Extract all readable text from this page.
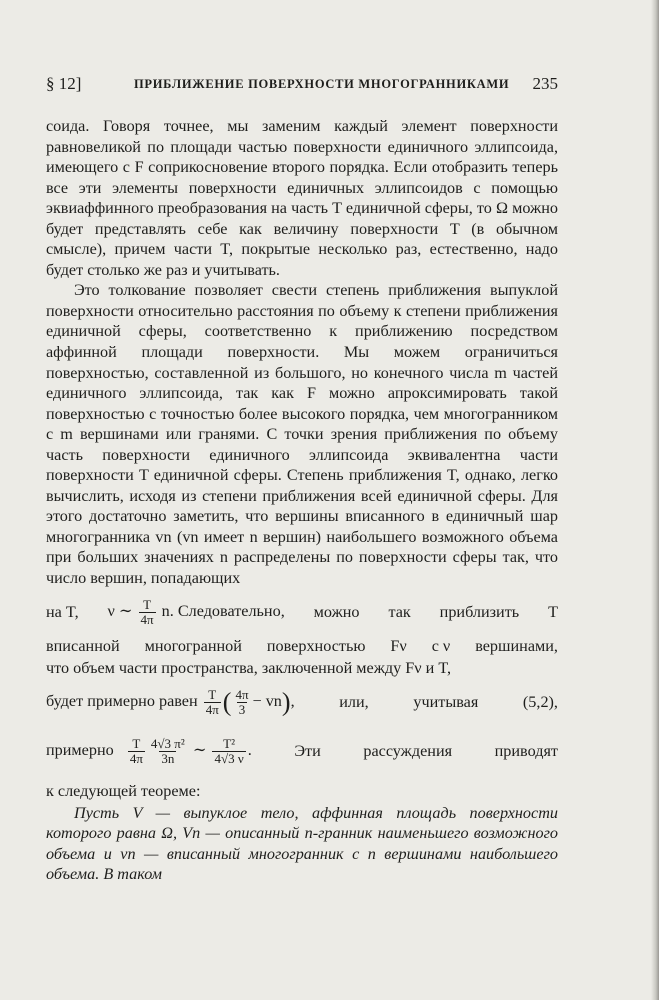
§ 12]	ПРИБЛИЖЕНИЕ ПОВЕРХНОСТИ МНОГОГРАННИКАМИ 235

соида. Говоря точнее, мы заменим каждый элемент поверхности равновеликой по площади частью поверхности единичного эллипсоида, имеющего с F соприкосновение второго порядка. Если отобразить теперь все эти элементы поверхности единичных эллипсоидов с помощью эквиаффинного преобразования на часть T единичной сферы, то Ω можно будет представлять себе как величину поверхности T (в обычном смысле), причем части T, покрытые несколько раз, естественно, надо будет столько же раз и учитывать.

Это толкование позволяет свести степень приближения выпуклой поверхности относительно расстояния по объему к степени приближения единичной сферы, соответственно к приближению посредством аффинной площади поверхности. Мы можем ограничиться поверхностью, составленной из большого, но конечного числа m частей единичного эллипсоида, так как F можно апроксимировать такой поверхностью с точностью более высокого порядка, чем многогранником с m вершинами или гранями. С точки зрения приближения по объему часть поверхности единичного эллипсоида эквивалентна части поверхности T единичной сферы. Степень приближения T, однако, легко вычислить, исходя из степени приближения всей единичной сферы. Для этого достаточно заметить, что вершины вписанного в единичный шар многогранника vn (vn имеет n вершин) наибольшего возможного объема при больших значениях n распределены по поверхности сферы так, что число вершин, попадающих

на T, ν ∼ $\frac{T}{4\pi} n$. Следовательно, можно так приблизить T
вписанной многогранной поверхностью Fν с ν вершинами,

что объем части пространства, заключенной между Fν и T,

будет примерно равен $\frac{T}{4\pi}$ ( $\frac{4\pi}{3} - vn$),	или,	учитывая	(5,2),
примерно $\frac{T}{4\pi} \frac{\text{4√3 π²}}{3n}$ ∼ $\frac{\text{T²}}{4√3 \nu}$ .	Эти	рассуждения	приводят
к следующей теореме:

Пусть V — выпуклое тело, аффинная площадь поверхности которого равна Ω, Vn — описанный n-гранник наименьшего возможного объема и vn — вписанный многогранник с n вершинами наибольшего объема. В таком
